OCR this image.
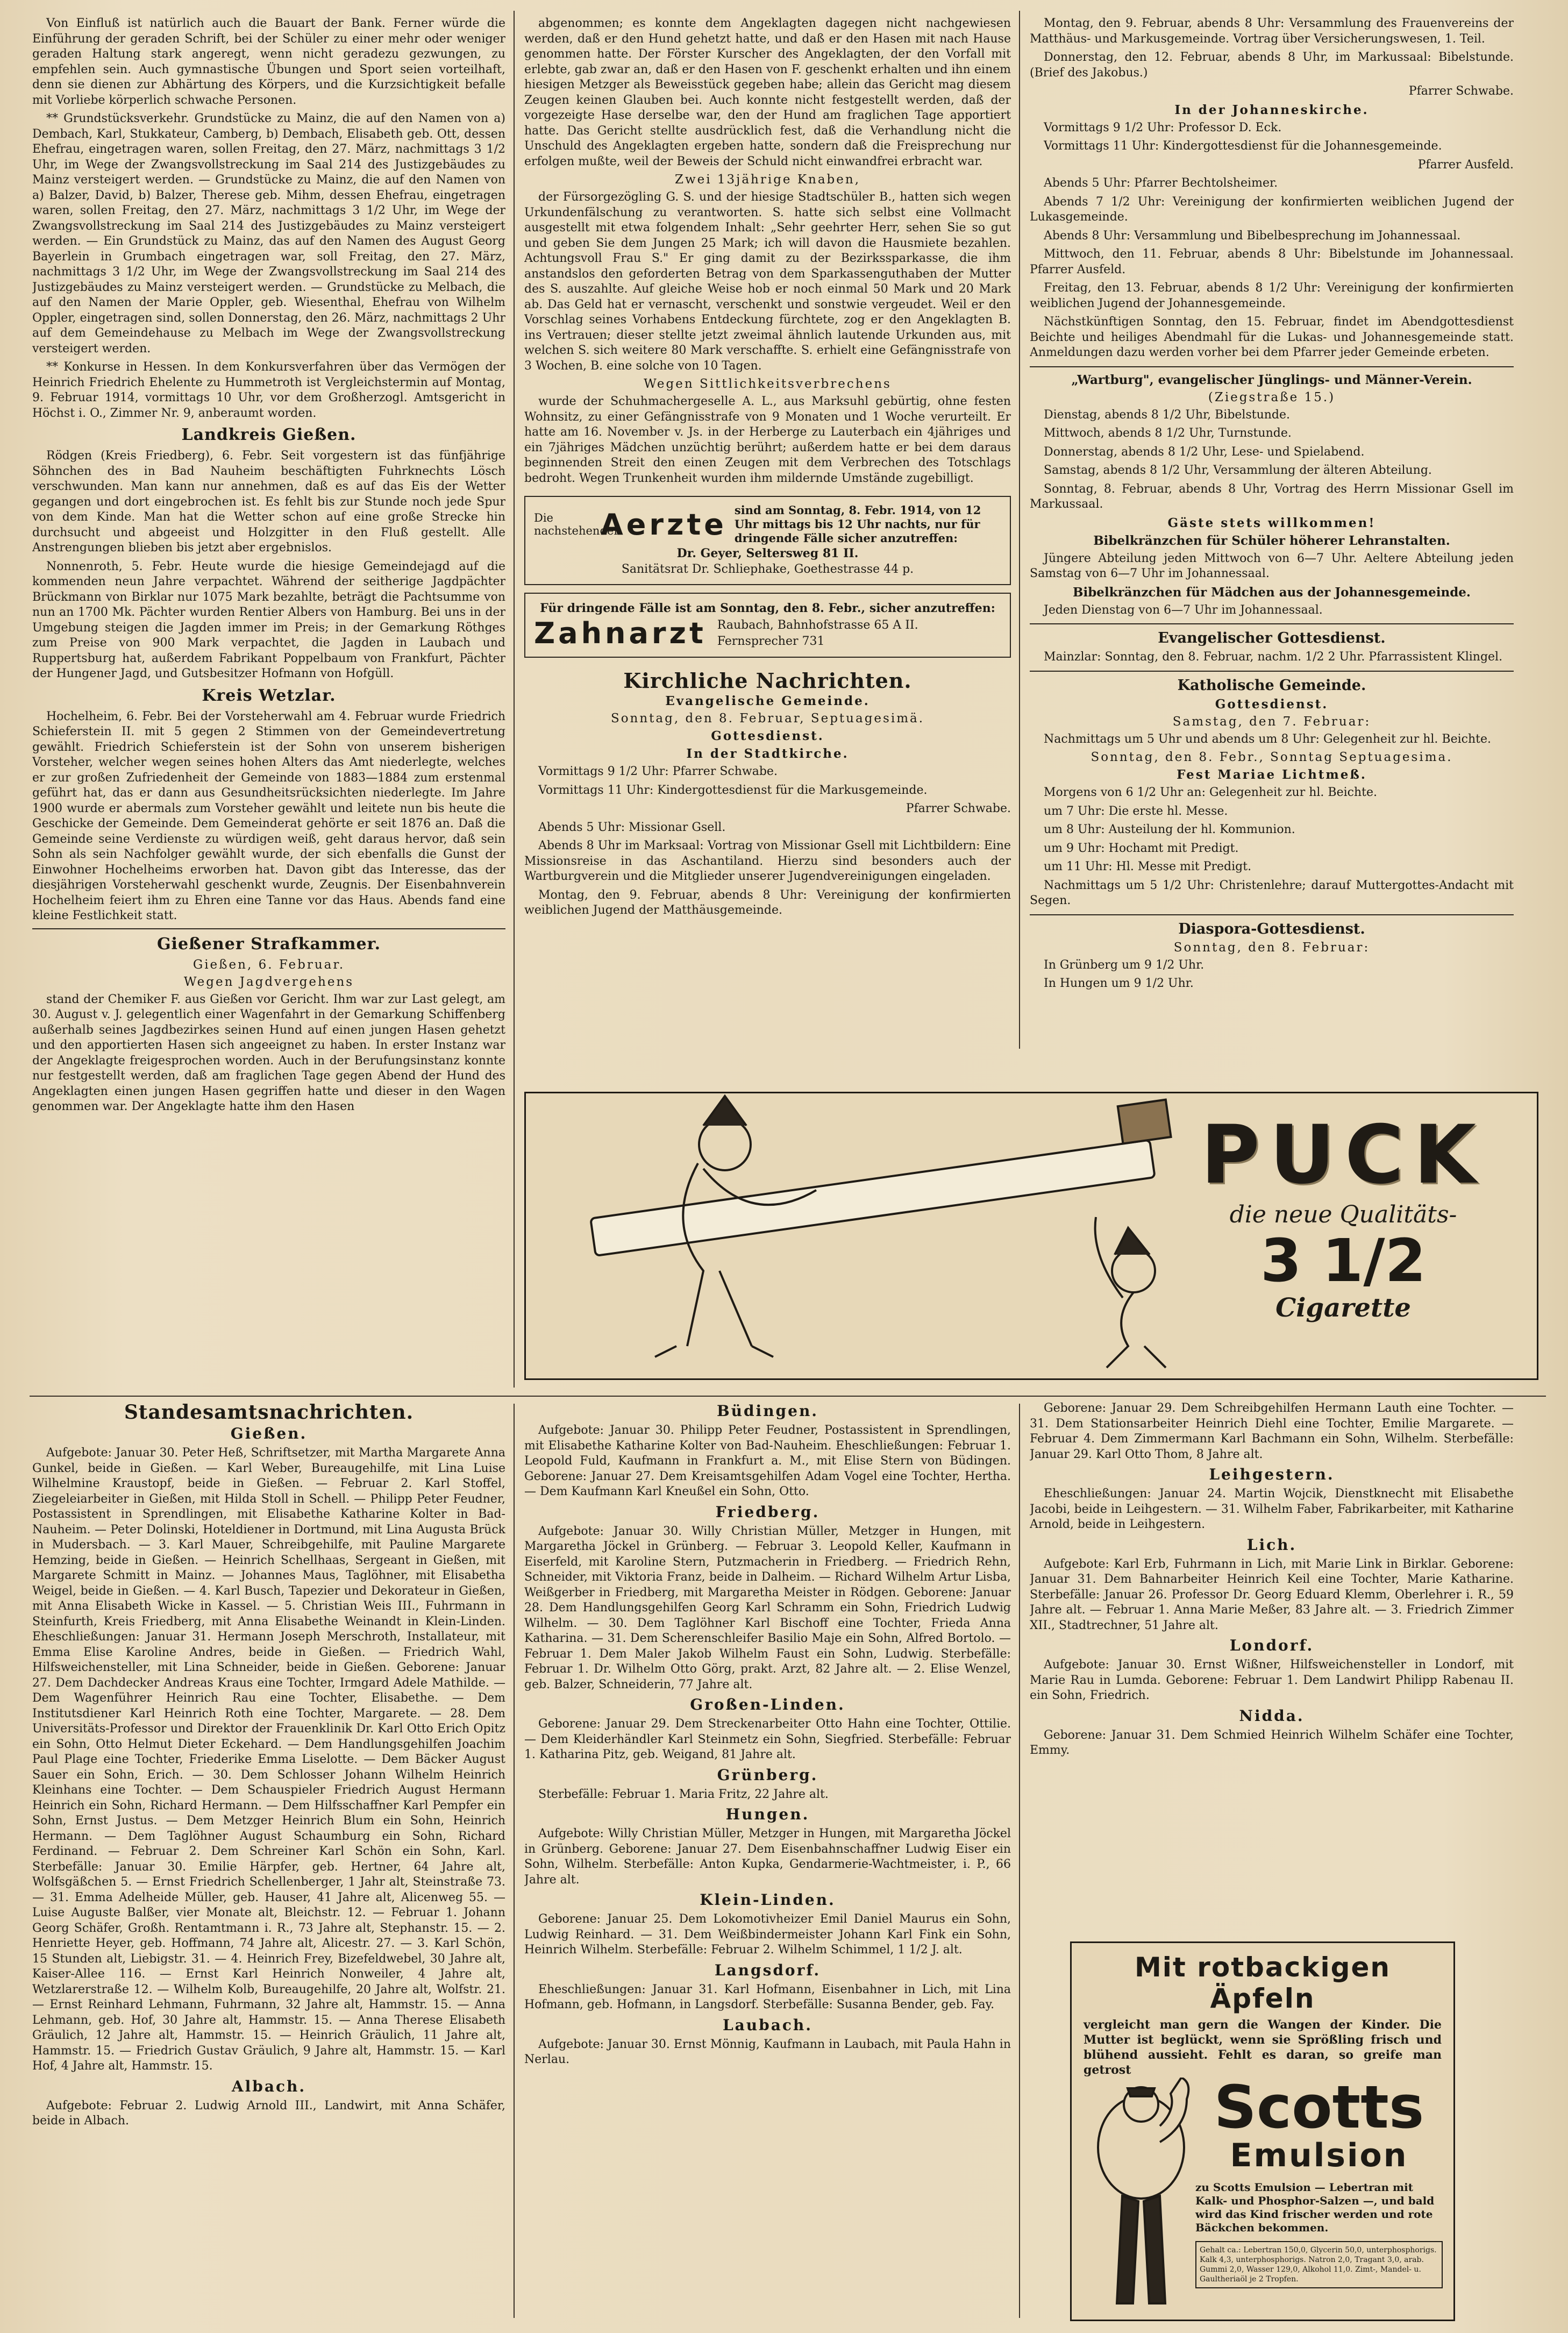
Von Einfluß ist natürlich auch die Bauart der Bank. Ferner würde die Einführung der geraden Schrift, bei der Schüler zu einer mehr oder weniger geraden Haltung stark angeregt, wenn nicht geradezu gezwungen, zu empfehlen sein. Auch gymnastische Übungen und Sport seien vorteilhaft, denn sie dienen zur Abhärtung des Körpers, und die Kurzsichtigkeit befalle mit Vorliebe körperlich schwache Personen.

** Grundstücksverkehr. Grundstücke zu Mainz, die auf den Namen von a) Dembach, Karl, Stukkateur, Camberg, b) Dembach, Elisabeth geb. Ott, dessen Ehefrau, eingetragen waren, sollen Freitag, den 27. März, nachmittags 3 1/2 Uhr, im Wege der Zwangsvollstreckung im Saal 214 des Justizgebäudes zu Mainz versteigert werden. — Grundstücke zu Mainz, die auf den Namen von a) Balzer, David, b) Balzer, Therese geb. Mihm, dessen Ehefrau, eingetragen waren, sollen Freitag, den 27. März, nachmittags 3 1/2 Uhr, im Wege der Zwangsvollstreckung im Saal 214 des Justizgebäudes zu Mainz versteigert werden. — Ein Grundstück zu Mainz, das auf den Namen des August Georg Bayerlein in Grumbach eingetragen war, soll Freitag, den 27. März, nachmittags 3 1/2 Uhr, im Wege der Zwangsvollstreckung im Saal 214 des Justizgebäudes zu Mainz versteigert werden. — Grundstücke zu Melbach, die auf den Namen der Marie Oppler, geb. Wiesenthal, Ehefrau von Wilhelm Oppler, eingetragen sind, sollen Donnerstag, den 26. März, nachmittags 2 Uhr auf dem Gemeindehause zu Melbach im Wege der Zwangsvollstreckung versteigert werden.

** Konkurse in Hessen. In dem Konkursverfahren über das Vermögen der Heinrich Friedrich Ehelente zu Hummetroth ist Vergleichstermin auf Montag, 9. Februar 1914, vormittags 10 Uhr, vor dem Großherzogl. Amtsgericht in Höchst i. O., Zimmer Nr. 9, anberaumt worden.

Landkreis Gießen.

Rödgen (Kreis Friedberg), 6. Febr. Seit vorgestern ist das fünfjährige Söhnchen des in Bad Nauheim beschäftigten Fuhrknechts Lösch verschwunden. Man kann nur annehmen, daß es auf das Eis der Wetter gegangen und dort eingebrochen ist. Es fehlt bis zur Stunde noch jede Spur von dem Kinde. Man hat die Wetter schon auf eine große Strecke hin durchsucht und abgeeist und Holzgitter in den Fluß gestellt. Alle Anstrengungen blieben bis jetzt aber ergebnislos.

Nonnenroth, 5. Febr. Heute wurde die hiesige Gemeindejagd auf die kommenden neun Jahre verpachtet. Während der seitherige Jagdpächter Brückmann von Birklar nur 1075 Mark bezahlte, beträgt die Pachtsumme von nun an 1700 Mk. Pächter wurden Rentier Albers von Hamburg. Bei uns in der Umgebung steigen die Jagden immer im Preis; in der Gemarkung Röthges zum Preise von 900 Mark verpachtet, die Jagden in Laubach und Ruppertsburg hat, außerdem Fabrikant Poppelbaum von Frankfurt, Pächter der Hungener Jagd, und Gutsbesitzer Hofmann von Hofgüll.

Kreis Wetzlar.

Hochelheim, 6. Febr. Bei der Vorsteherwahl am 4. Februar wurde Friedrich Schieferstein II. mit 5 gegen 2 Stimmen von der Gemeindevertretung gewählt. Friedrich Schieferstein ist der Sohn von unserem bisherigen Vorsteher, welcher wegen seines hohen Alters das Amt niederlegte, welches er zur großen Zufriedenheit der Gemeinde von 1883—1884 zum erstenmal geführt hat, das er dann aus Gesundheitsrücksichten niederlegte. Im Jahre 1900 wurde er abermals zum Vorsteher gewählt und leitete nun bis heute die Geschicke der Gemeinde. Dem Gemeinderat gehörte er seit 1876 an. Daß die Gemeinde seine Verdienste zu würdigen weiß, geht daraus hervor, daß sein Sohn als sein Nachfolger gewählt wurde, der sich ebenfalls die Gunst der Einwohner Hochelheims erworben hat. Davon gibt das Interesse, das der diesjährigen Vorsteherwahl geschenkt wurde, Zeugnis. Der Eisenbahnverein Hochelheim feiert ihm zu Ehren eine Tanne vor das Haus. Abends fand eine kleine Festlichkeit statt.

Gießener Strafkammer.
Gießen, 6. Februar.
Wegen Jagdvergehens

stand der Chemiker F. aus Gießen vor Gericht. Ihm war zur Last gelegt, am 30. August v. J. gelegentlich einer Wagenfahrt in der Gemarkung Schiffenberg außerhalb seines Jagdbezirkes seinen Hund auf einen jungen Hasen gehetzt und den apportierten Hasen sich angeeignet zu haben. In erster Instanz war der Angeklagte freigesprochen worden. Auch in der Berufungsinstanz konnte nur festgestellt werden, daß am fraglichen Tage gegen Abend der Hund des Angeklagten einen jungen Hasen gegriffen hatte und dieser in den Wagen genommen war. Der Angeklagte hatte ihm den Hasen

abgenommen; es konnte dem Angeklagten dagegen nicht nachgewiesen werden, daß er den Hund gehetzt hatte, und daß er den Hasen mit nach Hause genommen hatte. Der Förster Kurscher des Angeklagten, der den Vorfall mit erlebte, gab zwar an, daß er den Hasen von F. geschenkt erhalten und ihn einem hiesigen Metzger als Beweisstück gegeben habe; allein das Gericht mag diesem Zeugen keinen Glauben bei. Auch konnte nicht festgestellt werden, daß der vorgezeigte Hase derselbe war, den der Hund am fraglichen Tage apportiert hatte. Das Gericht stellte ausdrücklich fest, daß die Verhandlung nicht die Unschuld des Angeklagten ergeben hatte, sondern daß die Freisprechung nur erfolgen mußte, weil der Beweis der Schuld nicht einwandfrei erbracht war.

Zwei 13jährige Knaben,

der Fürsorgezögling G. S. und der hiesige Stadtschüler B., hatten sich wegen Urkundenfälschung zu verantworten. S. hatte sich selbst eine Vollmacht ausgestellt mit etwa folgendem Inhalt: „Sehr geehrter Herr, sehen Sie so gut und geben Sie dem Jungen 25 Mark; ich will davon die Hausmiete bezahlen. Achtungsvoll Frau S." Er ging damit zu der Bezirkssparkasse, die ihm anstandslos den geforderten Betrag von dem Sparkassenguthaben der Mutter des S. auszahlte. Auf gleiche Weise hob er noch einmal 50 Mark und 20 Mark ab. Das Geld hat er vernascht, verschenkt und sonstwie vergeudet. Weil er den Vorschlag seines Vorhabens Entdeckung fürchtete, zog er den Angeklagten B. ins Vertrauen; dieser stellte jetzt zweimal ähnlich lautende Urkunden aus, mit welchen S. sich weitere 80 Mark verschaffte. S. erhielt eine Gefängnisstrafe von 3 Wochen, B. eine solche von 10 Tagen.

Wegen Sittlichkeitsverbrechens

wurde der Schuhmachergeselle A. L., aus Marksuhl gebürtig, ohne festen Wohnsitz, zu einer Gefängnisstrafe von 9 Monaten und 1 Woche verurteilt. Er hatte am 16. November v. Js. in der Herberge zu Lauterbach ein 4jähriges und ein 7jähriges Mädchen unzüchtig berührt; außerdem hatte er bei dem daraus beginnenden Streit den einen Zeugen mit dem Verbrechen des Totschlags bedroht. Wegen Trunkenheit wurden ihm mildernde Umstände zugebilligt.

Die nachstehenden
Aerzte sind am Sonntag, 8. Febr. 1914, von 12 Uhr mittags bis 12 Uhr nachts, nur für dringende Fälle sicher anzutreffen:
Dr. Geyer, Seltersweg 81 II.
Sanitätsrat Dr. Schliephake, Goethestrasse 44 p.
Für dringende Fälle ist am Sonntag, den 8. Febr., sicher anzutreffen:
Zahnarzt Raubach, Bahnhofstrasse 65 A II.
Fernsprecher 731
Kirchliche Nachrichten.
Evangelische Gemeinde.
Sonntag, den 8. Februar, Septuagesimä.
Gottesdienst.
In der Stadtkirche.

Vormittags 9 1/2 Uhr: Pfarrer Schwabe.

Vormittags 11 Uhr: Kindergottesdienst für die Markusgemeinde.

Pfarrer Schwabe.

Abends 5 Uhr: Missionar Gsell.

Abends 8 Uhr im Marksaal: Vortrag von Missionar Gsell mit Lichtbildern: Eine Missionsreise in das Aschantiland. Hierzu sind besonders auch der Wartburgverein und die Mitglieder unserer Jugendvereinigungen eingeladen.

Montag, den 9. Februar, abends 8 Uhr: Vereinigung der konfirmierten weiblichen Jugend der Matthäusgemeinde.

Montag, den 9. Februar, abends 8 Uhr: Versammlung des Frauenvereins der Matthäus- und Markusgemeinde. Vortrag über Versicherungswesen, 1. Teil.

Donnerstag, den 12. Februar, abends 8 Uhr, im Markussaal: Bibelstunde. (Brief des Jakobus.)

Pfarrer Schwabe.

In der Johanneskirche.

Vormittags 9 1/2 Uhr: Professor D. Eck.

Vormittags 11 Uhr: Kindergottesdienst für die Johannesgemeinde.

Pfarrer Ausfeld.

Abends 5 Uhr: Pfarrer Bechtolsheimer.

Abends 7 1/2 Uhr: Vereinigung der konfirmierten weiblichen Jugend der Lukasgemeinde.

Abends 8 Uhr: Versammlung und Bibelbesprechung im Johannessaal.

Mittwoch, den 11. Februar, abends 8 Uhr: Bibelstunde im Johannessaal. Pfarrer Ausfeld.

Freitag, den 13. Februar, abends 8 1/2 Uhr: Vereinigung der konfirmierten weiblichen Jugend der Johannesgemeinde.

Nächstkünftigen Sonntag, den 15. Februar, findet im Abendgottesdienst Beichte und heiliges Abendmahl für die Lukas- und Johannesgemeinde statt. Anmeldungen dazu werden vorher bei dem Pfarrer jeder Gemeinde erbeten.

„Wartburg", evangelischer Jünglings- und Männer-Verein.
(Ziegstraße 15.)

Dienstag, abends 8 1/2 Uhr, Bibelstunde.

Mittwoch, abends 8 1/2 Uhr, Turnstunde.

Donnerstag, abends 8 1/2 Uhr, Lese- und Spielabend.

Samstag, abends 8 1/2 Uhr, Versammlung der älteren Abteilung.

Sonntag, 8. Februar, abends 8 Uhr, Vortrag des Herrn Missionar Gsell im Markussaal.

Gäste stets willkommen!
Bibelkränzchen für Schüler höherer Lehranstalten.

Jüngere Abteilung jeden Mittwoch von 6—7 Uhr. Aeltere Abteilung jeden Samstag von 6—7 Uhr im Johannessaal.

Bibelkränzchen für Mädchen aus der Johannesgemeinde.

Jeden Dienstag von 6—7 Uhr im Johannessaal.

Evangelischer Gottesdienst.

Mainzlar: Sonntag, den 8. Februar, nachm. 1/2 2 Uhr. Pfarrassistent Klingel.

Katholische Gemeinde.
Gottesdienst.
Samstag, den 7. Februar:

Nachmittags um 5 Uhr und abends um 8 Uhr: Gelegenheit zur hl. Beichte.

Sonntag, den 8. Febr., Sonntag Septuagesima.
Fest Mariae Lichtmeß.

Morgens von 6 1/2 Uhr an: Gelegenheit zur hl. Beichte.

um 7 Uhr: Die erste hl. Messe.

um 8 Uhr: Austeilung der hl. Kommunion.

um 9 Uhr: Hochamt mit Predigt.

um 11 Uhr: Hl. Messe mit Predigt.

Nachmittags um 5 1/2 Uhr: Christenlehre; darauf Muttergottes-Andacht mit Segen.

Diaspora-Gottesdienst.
Sonntag, den 8. Februar:

In Grünberg um 9 1/2 Uhr.

In Hungen um 9 1/2 Uhr.

PUCK
die neue Qualitäts-
3 1/2
Cigarette
Standesamtsnachrichten.
Gießen.

Aufgebote: Januar 30. Peter Heß, Schriftsetzer, mit Martha Margarete Anna Gunkel, beide in Gießen. — Karl Weber, Bureaugehilfe, mit Lina Luise Wilhelmine Kraustopf, beide in Gießen. — Februar 2. Karl Stoffel, Ziegeleiarbeiter in Gießen, mit Hilda Stoll in Schell. — Philipp Peter Feudner, Postassistent in Sprendlingen, mit Elisabethe Katharine Kolter in Bad-Nauheim. — Peter Dolinski, Hoteldiener in Dortmund, mit Lina Augusta Brück in Mudersbach. — 3. Karl Mauer, Schreibgehilfe, mit Pauline Margarete Hemzing, beide in Gießen. — Heinrich Schellhaas, Sergeant in Gießen, mit Margarete Schmitt in Mainz. — Johannes Maus, Taglöhner, mit Elisabetha Weigel, beide in Gießen. — 4. Karl Busch, Tapezier und Dekorateur in Gießen, mit Anna Elisabeth Wicke in Kassel. — 5. Christian Weis III., Fuhrmann in Steinfurth, Kreis Friedberg, mit Anna Elisabethe Weinandt in Klein-Linden. Eheschließungen: Januar 31. Hermann Joseph Merschroth, Installateur, mit Emma Elise Karoline Andres, beide in Gießen. — Friedrich Wahl, Hilfsweichensteller, mit Lina Schneider, beide in Gießen. Geborene: Januar 27. Dem Dachdecker Andreas Kraus eine Tochter, Irmgard Adele Mathilde. — Dem Wagenführer Heinrich Rau eine Tochter, Elisabethe. — Dem Institutsdiener Karl Heinrich Roth eine Tochter, Margarete. — 28. Dem Universitäts-Professor und Direktor der Frauenklinik Dr. Karl Otto Erich Opitz ein Sohn, Otto Helmut Dieter Eckehard. — Dem Handlungsgehilfen Joachim Paul Plage eine Tochter, Friederike Emma Liselotte. — Dem Bäcker August Sauer ein Sohn, Erich. — 30. Dem Schlosser Johann Wilhelm Heinrich Kleinhans eine Tochter. — Dem Schauspieler Friedrich August Hermann Heinrich ein Sohn, Richard Hermann. — Dem Hilfsschaffner Karl Pempfer ein Sohn, Ernst Justus. — Dem Metzger Heinrich Blum ein Sohn, Heinrich Hermann. — Dem Taglöhner August Schaumburg ein Sohn, Richard Ferdinand. — Februar 2. Dem Schreiner Karl Schön ein Sohn, Karl. Sterbefälle: Januar 30. Emilie Härpfer, geb. Hertner, 64 Jahre alt, Wolfsgäßchen 5. — Ernst Friedrich Schellenberger, 1 Jahr alt, Steinstraße 73. — 31. Emma Adelheide Müller, geb. Hauser, 41 Jahre alt, Alicenweg 55. — Luise Auguste Balßer, vier Monate alt, Bleichstr. 12. — Februar 1. Johann Georg Schäfer, Großh. Rentamtmann i. R., 73 Jahre alt, Stephanstr. 15. — 2. Henriette Heyer, geb. Hoffmann, 74 Jahre alt, Alicestr. 27. — 3. Karl Schön, 15 Stunden alt, Liebigstr. 31. — 4. Heinrich Frey, Bizefeldwebel, 30 Jahre alt, Kaiser-Allee 116. — Ernst Karl Heinrich Nonweiler, 4 Jahre alt, Wetzlarerstraße 12. — Wilhelm Kolb, Bureaugehilfe, 20 Jahre alt, Wolfstr. 21. — Ernst Reinhard Lehmann, Fuhrmann, 32 Jahre alt, Hammstr. 15. — Anna Lehmann, geb. Hof, 30 Jahre alt, Hammstr. 15. — Anna Therese Elisabeth Gräulich, 12 Jahre alt, Hammstr. 15. — Heinrich Gräulich, 11 Jahre alt, Hammstr. 15. — Friedrich Gustav Gräulich, 9 Jahre alt, Hammstr. 15. — Karl Hof, 4 Jahre alt, Hammstr. 15.

Albach.

Aufgebote: Februar 2. Ludwig Arnold III., Landwirt, mit Anna Schäfer, beide in Albach.

Büdingen.

Aufgebote: Januar 30. Philipp Peter Feudner, Postassistent in Sprendlingen, mit Elisabethe Katharine Kolter von Bad-Nauheim. Eheschließungen: Februar 1. Leopold Fuld, Kaufmann in Frankfurt a. M., mit Elise Stern von Büdingen. Geborene: Januar 27. Dem Kreisamtsgehilfen Adam Vogel eine Tochter, Hertha. — Dem Kaufmann Karl Kneußel ein Sohn, Otto.

Friedberg.

Aufgebote: Januar 30. Willy Christian Müller, Metzger in Hungen, mit Margaretha Jöckel in Grünberg. — Februar 3. Leopold Keller, Kaufmann in Eiserfeld, mit Karoline Stern, Putzmacherin in Friedberg. — Friedrich Rehn, Schneider, mit Viktoria Franz, beide in Dalheim. — Richard Wilhelm Artur Lisba, Weißgerber in Friedberg, mit Margaretha Meister in Rödgen. Geborene: Januar 28. Dem Handlungsgehilfen Georg Karl Schramm ein Sohn, Friedrich Ludwig Wilhelm. — 30. Dem Taglöhner Karl Bischoff eine Tochter, Frieda Anna Katharina. — 31. Dem Scherenschleifer Basilio Maje ein Sohn, Alfred Bortolo. — Februar 1. Dem Maler Jakob Wilhelm Faust ein Sohn, Ludwig. Sterbefälle: Februar 1. Dr. Wilhelm Otto Görg, prakt. Arzt, 82 Jahre alt. — 2. Elise Wenzel, geb. Balzer, Schneiderin, 77 Jahre alt.

Großen-Linden.

Geborene: Januar 29. Dem Streckenarbeiter Otto Hahn eine Tochter, Ottilie. — Dem Kleiderhändler Karl Steinmetz ein Sohn, Siegfried. Sterbefälle: Februar 1. Katharina Pitz, geb. Weigand, 81 Jahre alt.

Grünberg.

Sterbefälle: Februar 1. Maria Fritz, 22 Jahre alt.

Hungen.

Aufgebote: Willy Christian Müller, Metzger in Hungen, mit Margaretha Jöckel in Grünberg. Geborene: Januar 27. Dem Eisenbahnschaffner Ludwig Eiser ein Sohn, Wilhelm. Sterbefälle: Anton Kupka, Gendarmerie-Wachtmeister, i. P., 66 Jahre alt.

Klein-Linden.

Geborene: Januar 25. Dem Lokomotivheizer Emil Daniel Maurus ein Sohn, Ludwig Reinhard. — 31. Dem Weißbindermeister Johann Karl Fink ein Sohn, Heinrich Wilhelm. Sterbefälle: Februar 2. Wilhelm Schimmel, 1 1/2 J. alt.

Langsdorf.

Eheschließungen: Januar 31. Karl Hofmann, Eisenbahner in Lich, mit Lina Hofmann, geb. Hofmann, in Langsdorf. Sterbefälle: Susanna Bender, geb. Fay.

Laubach.

Aufgebote: Januar 30. Ernst Mönnig, Kaufmann in Laubach, mit Paula Hahn in Nerlau.

Geborene: Januar 29. Dem Schreibgehilfen Hermann Lauth eine Tochter. — 31. Dem Stationsarbeiter Heinrich Diehl eine Tochter, Emilie Margarete. — Februar 4. Dem Zimmermann Karl Bachmann ein Sohn, Wilhelm. Sterbefälle: Januar 29. Karl Otto Thom, 8 Jahre alt.

Leihgestern.

Eheschließungen: Januar 24. Martin Wojcik, Dienstknecht mit Elisabethe Jacobi, beide in Leihgestern. — 31. Wilhelm Faber, Fabrikarbeiter, mit Katharine Arnold, beide in Leihgestern.

Lich.

Aufgebote: Karl Erb, Fuhrmann in Lich, mit Marie Link in Birklar. Geborene: Januar 31. Dem Bahnarbeiter Heinrich Keil eine Tochter, Marie Katharine. Sterbefälle: Januar 26. Professor Dr. Georg Eduard Klemm, Oberlehrer i. R., 59 Jahre alt. — Februar 1. Anna Marie Meßer, 83 Jahre alt. — 3. Friedrich Zimmer XII., Stadtrechner, 51 Jahre alt.

Londorf.

Aufgebote: Januar 30. Ernst Wißner, Hilfsweichensteller in Londorf, mit Marie Rau in Lumda. Geborene: Februar 1. Dem Landwirt Philipp Rabenau II. ein Sohn, Friedrich.

Nidda.

Geborene: Januar 31. Dem Schmied Heinrich Wilhelm Schäfer eine Tochter, Emmy.

Mit rotbackigen Äpfeln
vergleicht man gern die Wangen der Kinder. Die Mutter ist beglückt, wenn sie Sprößling frisch und blühend aussieht. Fehlt es daran, so greife man getrost
Scotts
Emulsion
zu Scotts Emulsion — Lebertran mit Kalk- und Phosphor-Salzen —, und bald wird das Kind frischer werden und rote Bäckchen bekommen.
Gehalt ca.: Lebertran 150,0, Glycerin 50,0, unterphosphorigs. Kalk 4,3, unterphosphorigs. Natron 2,0, Tragant 3,0, arab. Gummi 2,0, Wasser 129,0, Alkohol 11,0. Zimt-, Mandel- u. Gaultheriaöl je 2 Tropfen.
